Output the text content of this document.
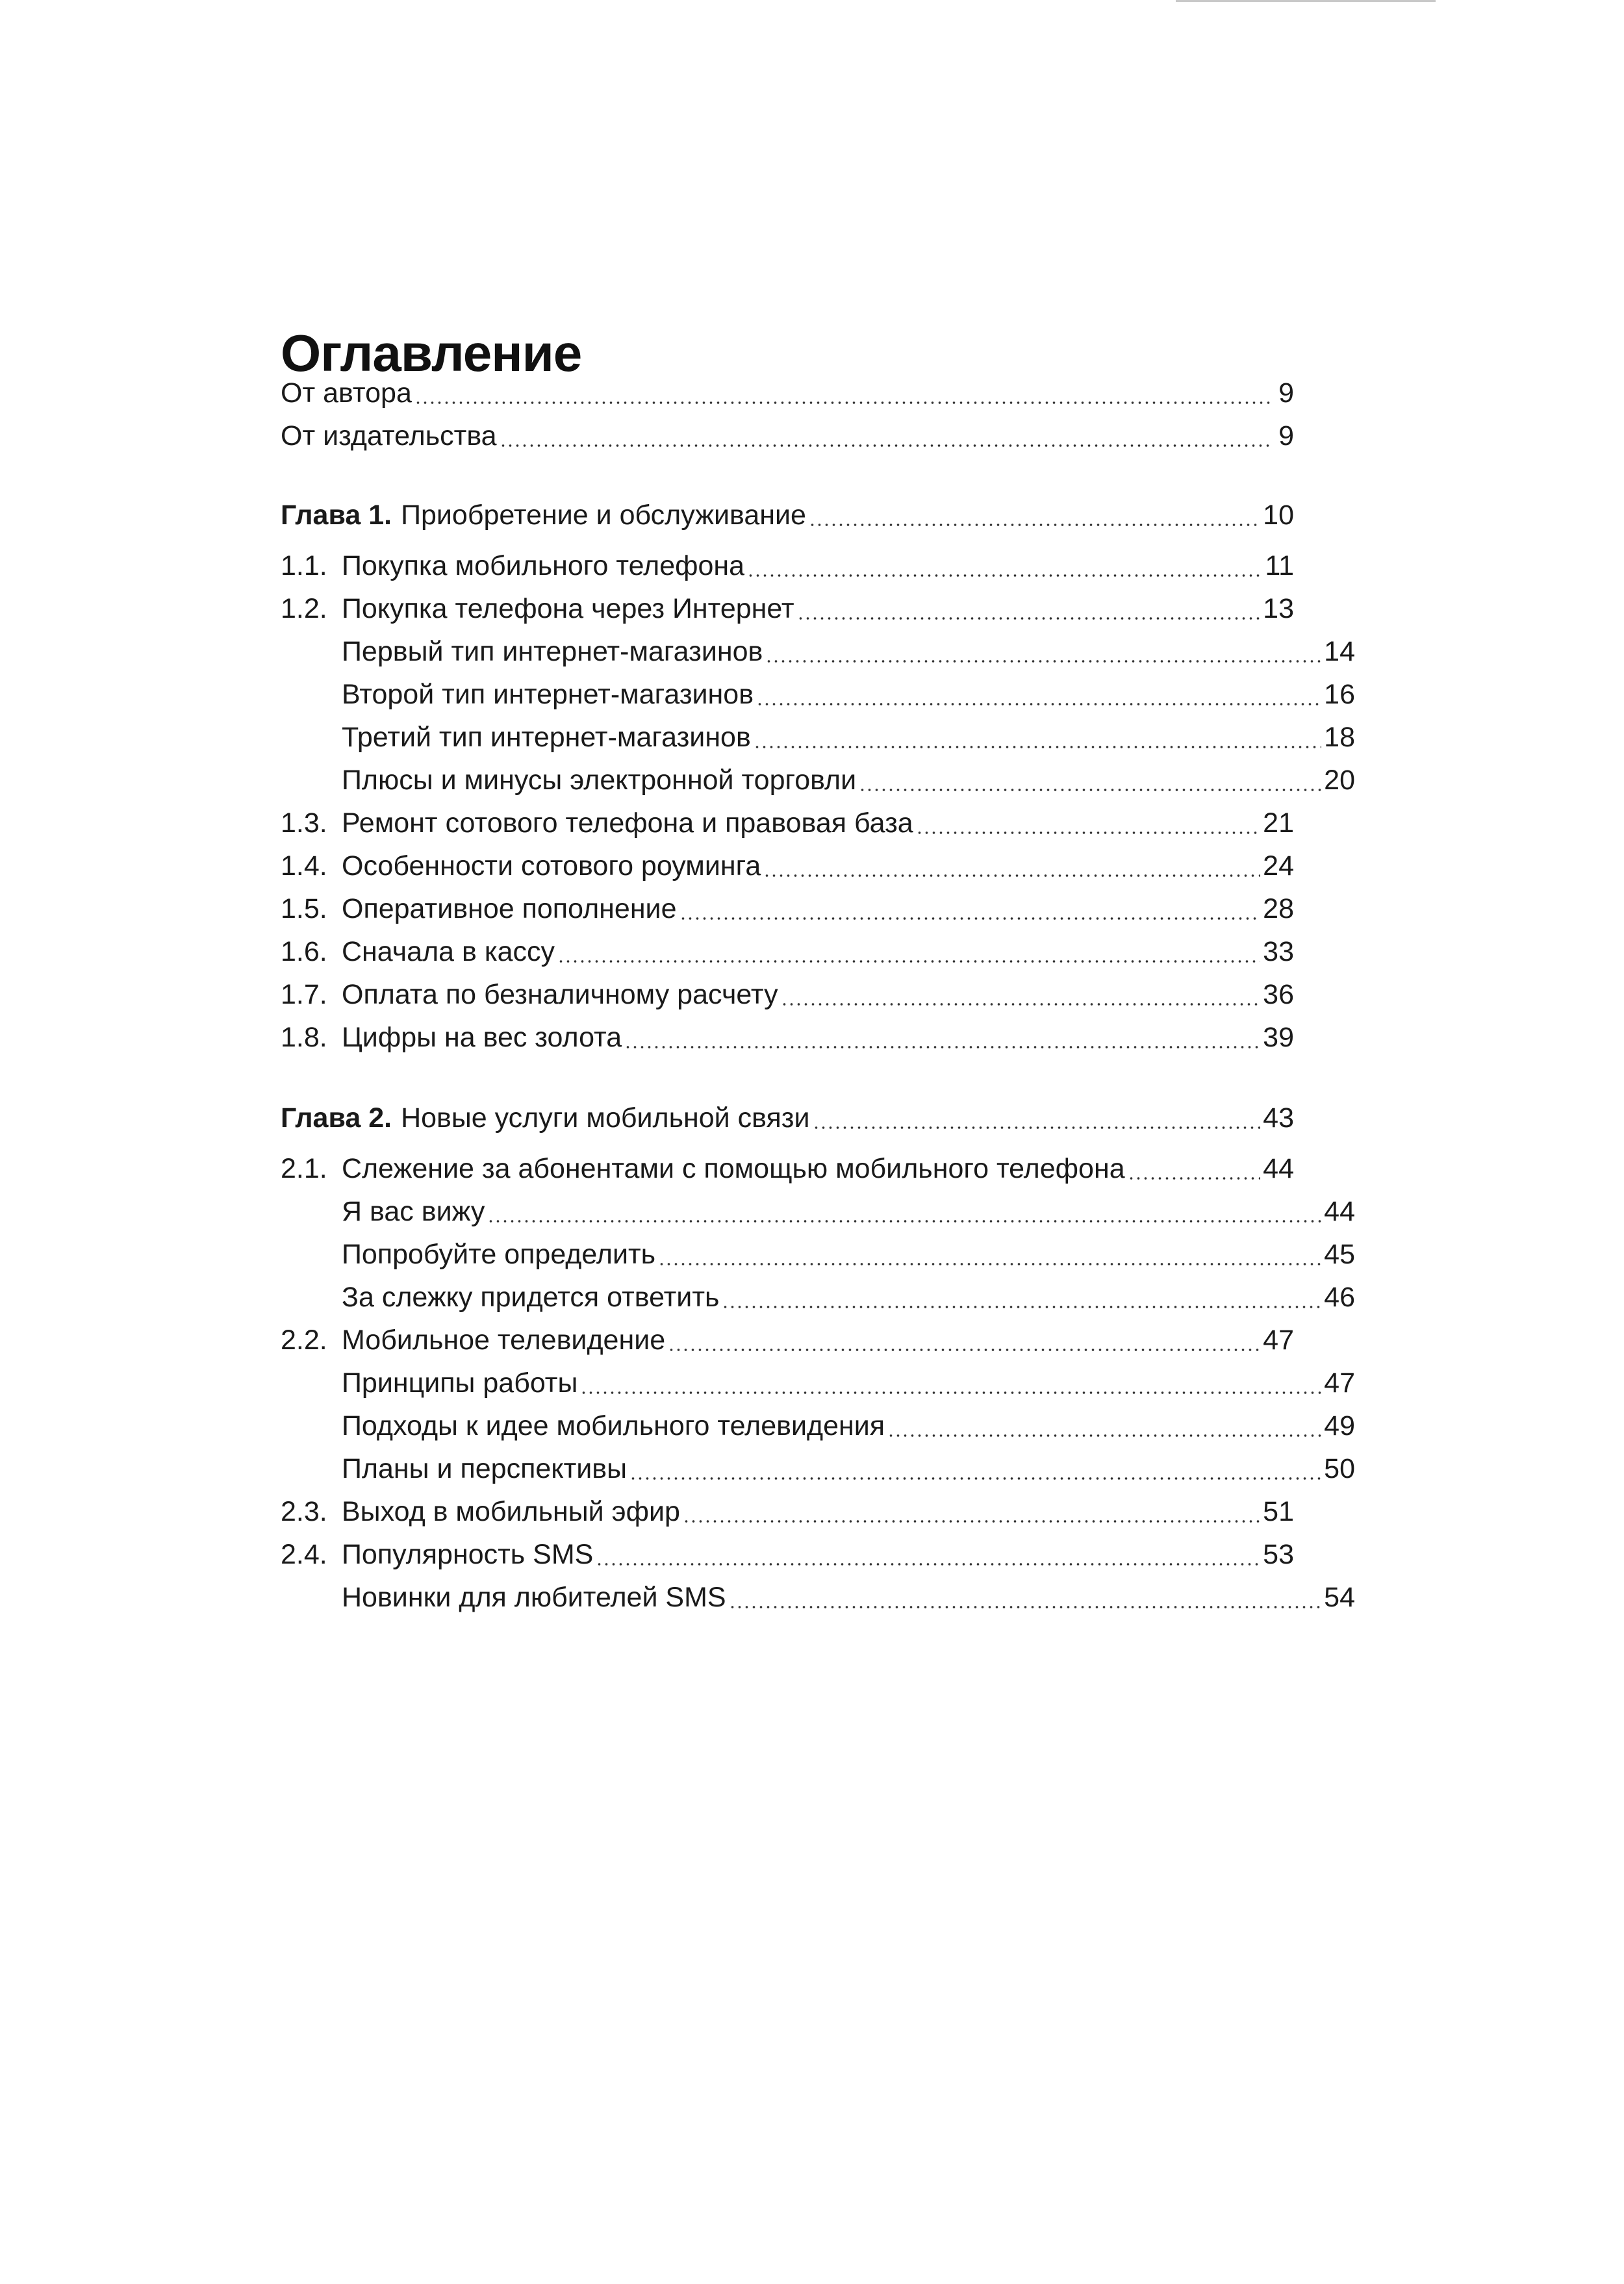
Оглавление
От автора	9
От издательства	9
Глава 1. Приобретение и обслуживание	10
1.1. Покупка мобильного телефона	11
1.2. Покупка телефона через Интернет	13
Первый тип интернет-магазинов	14
Второй тип интернет-магазинов	16
Третий тип интернет-магазинов	18
Плюсы и минусы электронной торговли	20
1.3. Ремонт сотового телефона и правовая база	21
1.4. Особенности сотового роуминга	24
1.5. Оперативное пополнение	28
1.6. Сначала в кассу	33
1.7. Оплата по безналичному расчету	36
1.8. Цифры на вес золота	39
Глава 2. Новые услуги мобильной связи	43
2.1. Слежение за абонентами с помощью мобильного телефона	44
Я вас вижу	44
Попробуйте определить	45
За слежку придется ответить	46
2.2. Мобильное телевидение	47
Принципы работы	47
Подходы к идее мобильного телевидения	49
Планы и перспективы	50
2.3. Выход в мобильный эфир	51
2.4. Популярность SMS	53
Новинки для любителей SMS	54
